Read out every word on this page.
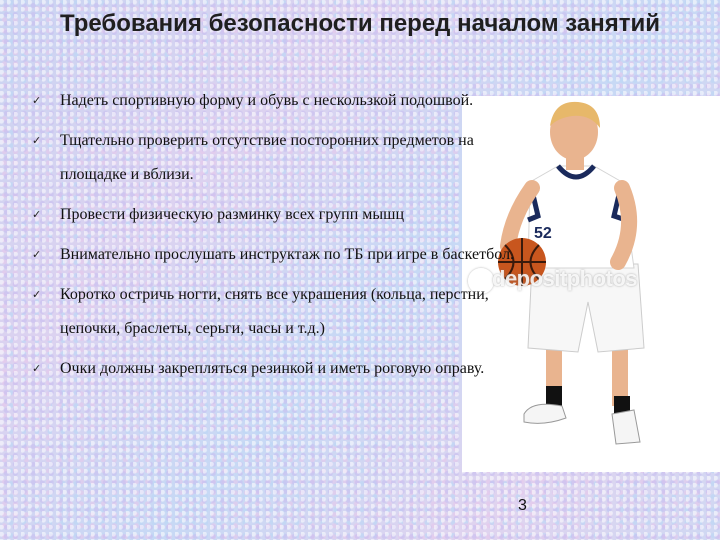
Требования безопасности перед началом занятий
52
depositphotos
✓ Надеть спортивную форму и обувь с нескользкой подошвой.
✓ Тщательно проверить отсутствие посторонних предметов на площадке и вблизи.
✓ Провести физическую разминку всех групп мышц
✓ Внимательно прослушать инструктаж по ТБ при игре в баскетбол.
✓ Коротко остричь ногти, снять все украшения (кольца, перстни, цепочки, браслеты, серьги, часы и т.д.)
✓ Очки должны закрепляться резинкой и иметь роговую оправу.
3
